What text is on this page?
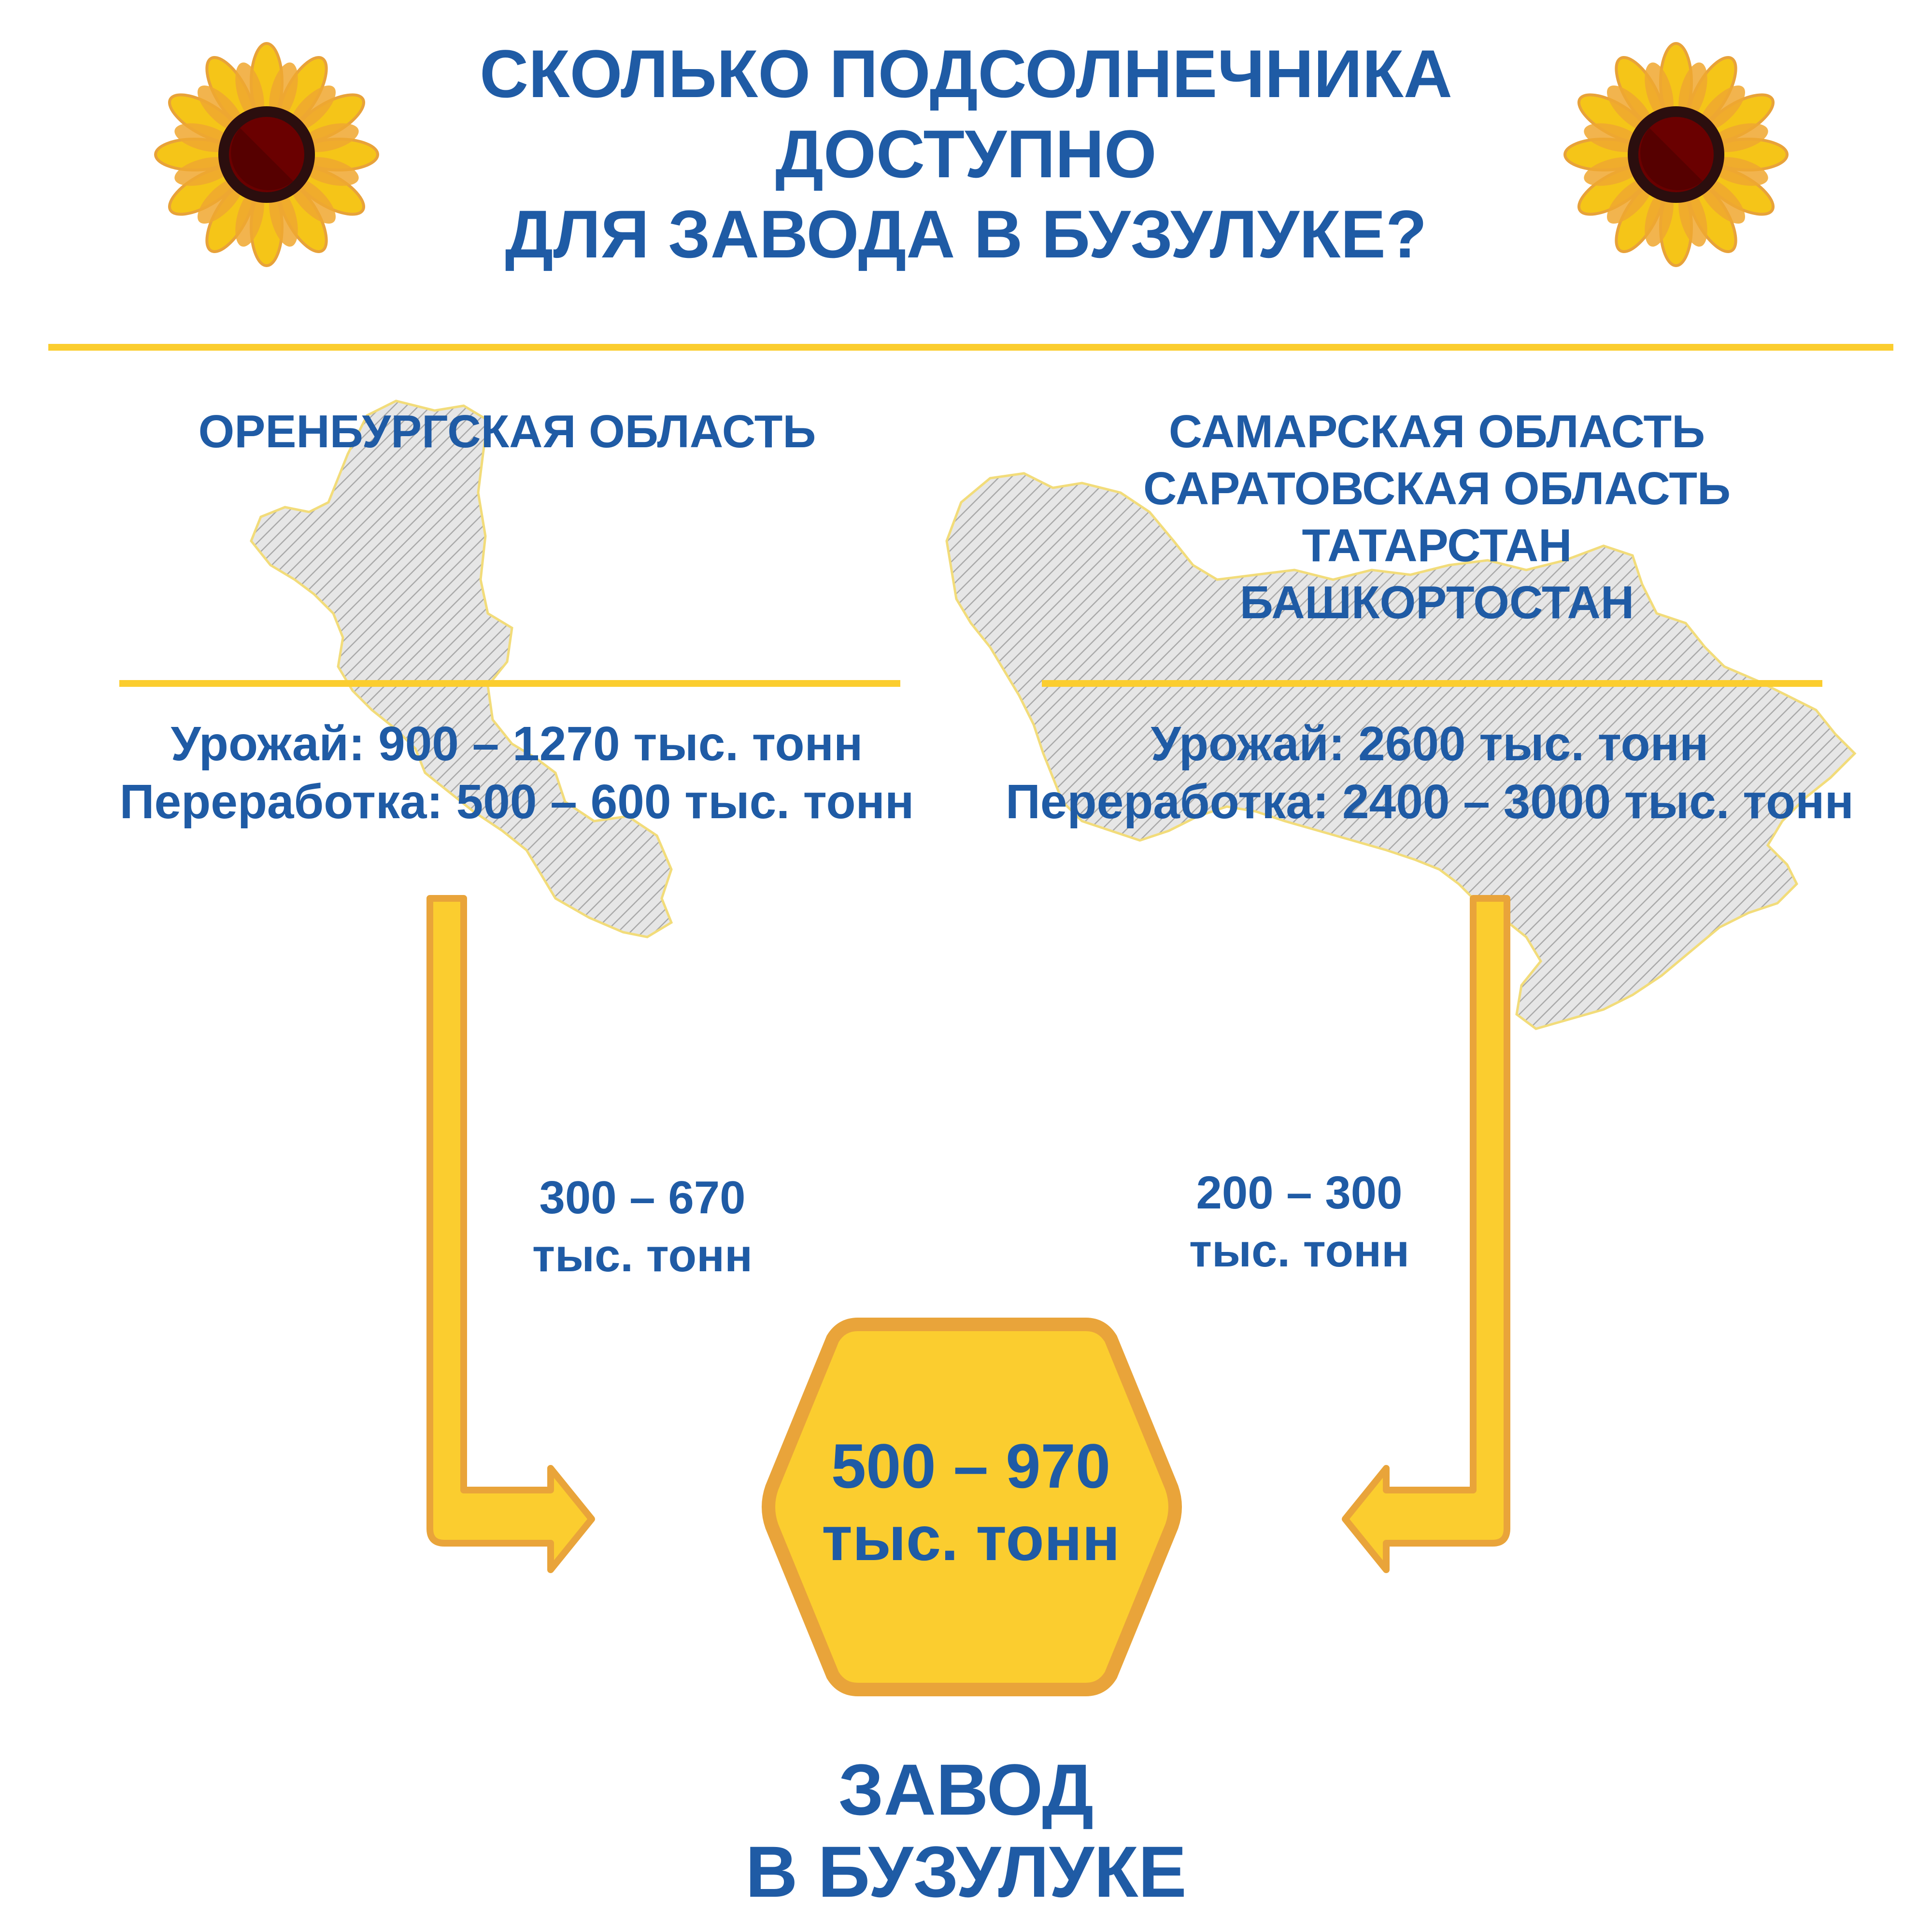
СКОЛЬКО ПОДСОЛНЕЧНИКА
ДОСТУПНО
ДЛЯ ЗАВОДА В БУЗУЛУКЕ?
ОРЕНБУРГСКАЯ ОБЛАСТЬ
Урожай: 900 – 1270 тыс. тонн
Переработка: 500 – 600 тыс. тонн
САМАРСКАЯ ОБЛАСТЬ
САРАТОВСКАЯ ОБЛАСТЬ
ТАТАРСТАН
БАШКОРТОСТАН
Урожай: 2600 тыс. тонн
Переработка: 2400 – 3000 тыс. тонн
300 – 670
тыс. тонн
200 – 300
тыс. тонн
500 – 970
тыс. тонн
ЗАВОД
В БУЗУЛУКЕ
